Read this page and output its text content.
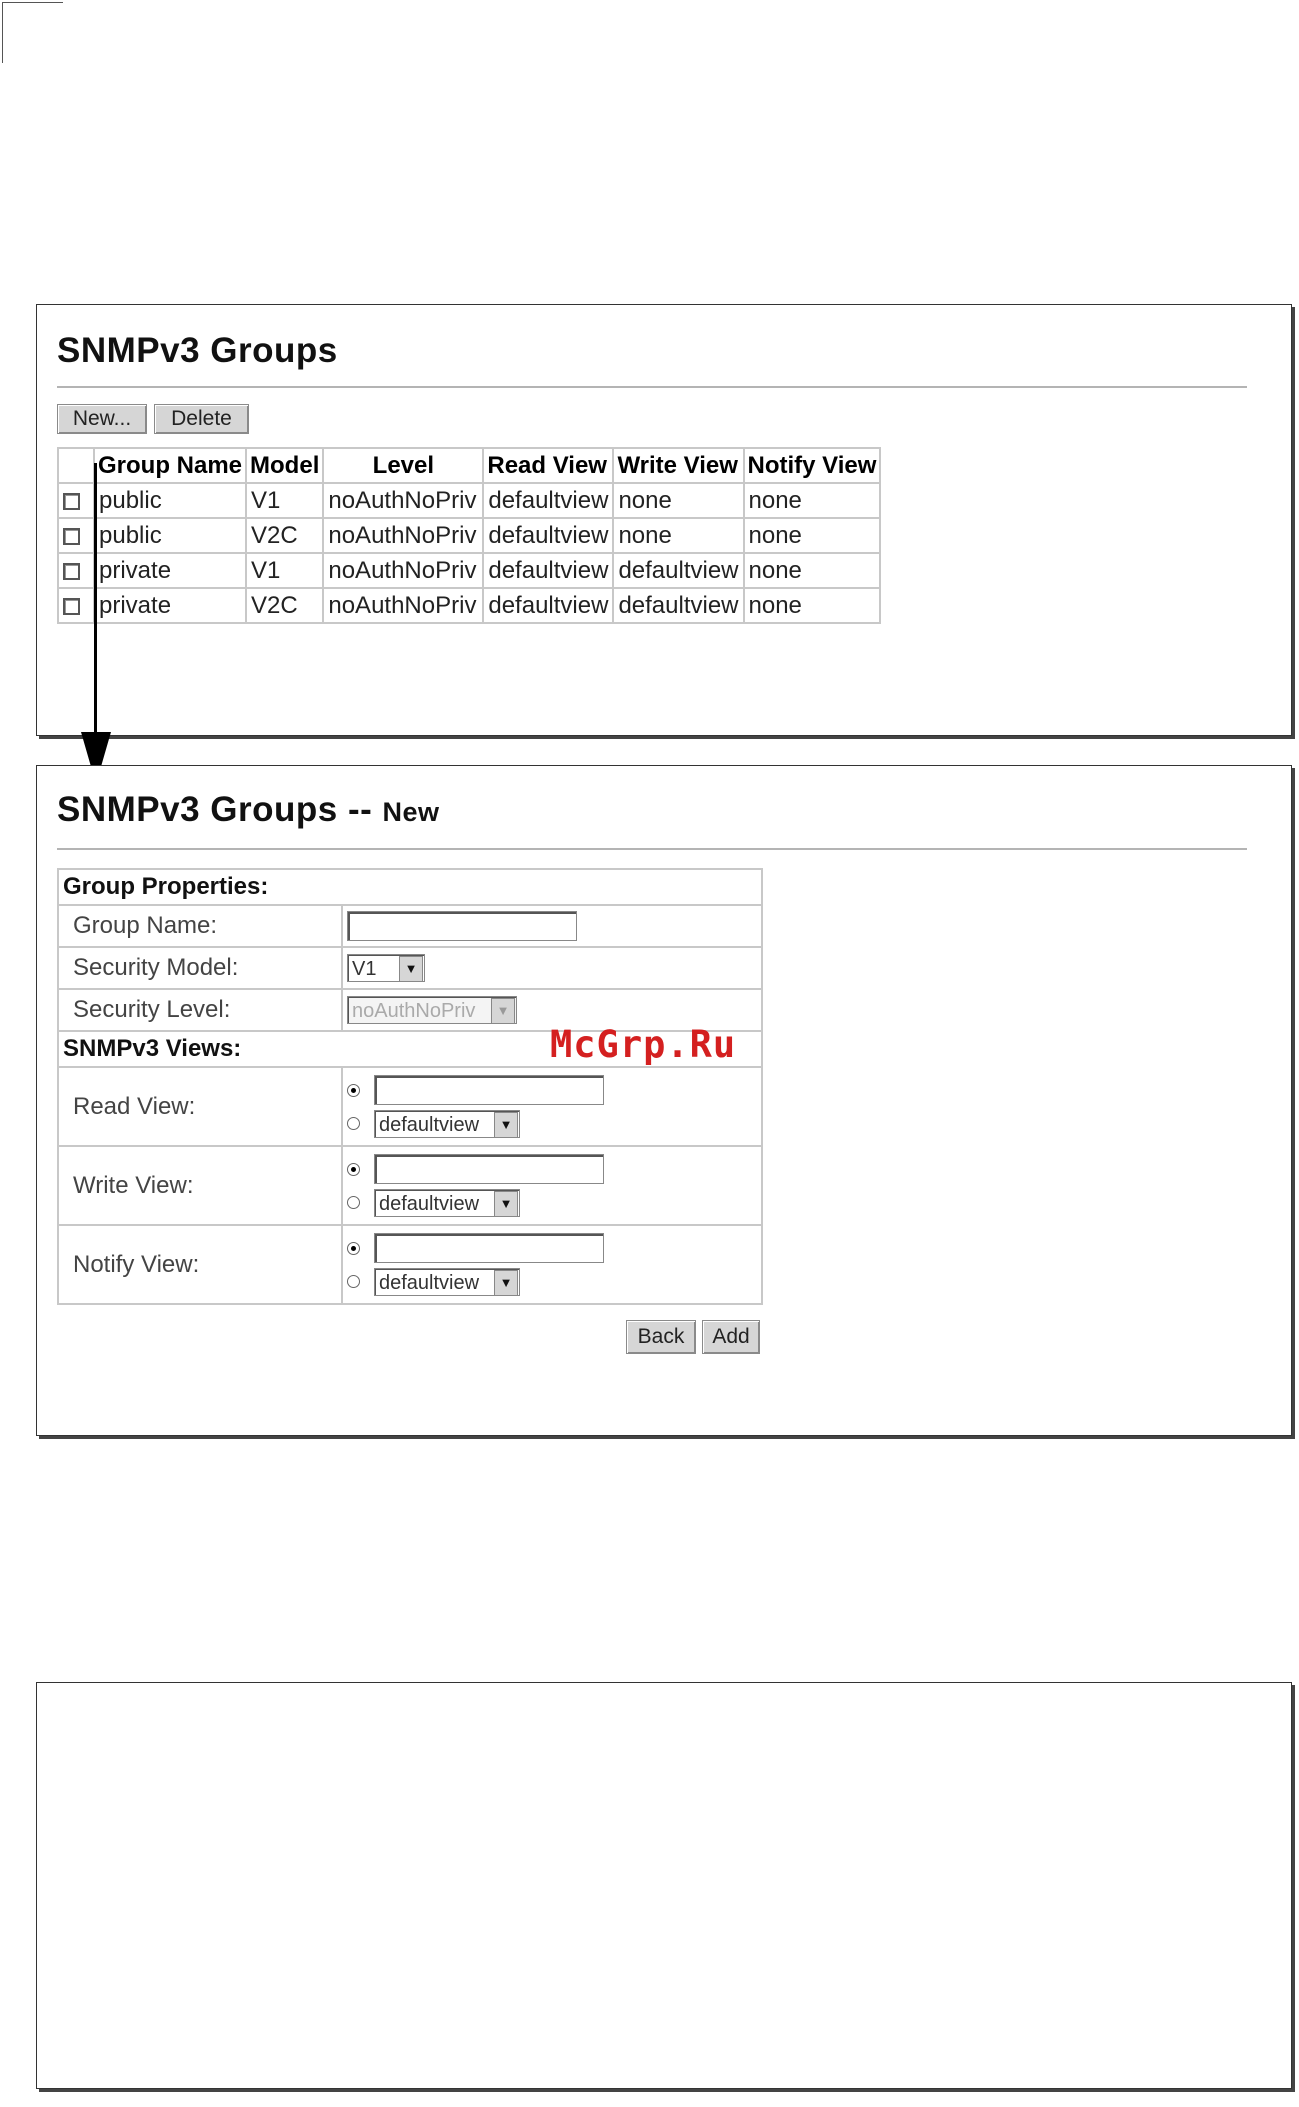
SNMPv3 Groups
New...	Delete
	Group Name	Model	Level	Read View	Write View	Notify View
	public	V1	noAuthNoPriv	defaultview	none	none
	public	V2C	noAuthNoPriv	defaultview	none	none
	private	V1	noAuthNoPriv	defaultview	defaultview	none
	private	V2C	noAuthNoPriv	defaultview	defaultview	none
SNMPv3 Groups -- New
Group Properties:	
Group Name:	
Security Model:	V1 ▼

Security Level:	noAuthNoPriv ▼

SNMPv3 Views:	
Read View:	defaultview ▼

Write View:	defaultview ▼

Notify View:	defaultview ▼
Back	Add
McGrp.Ru
